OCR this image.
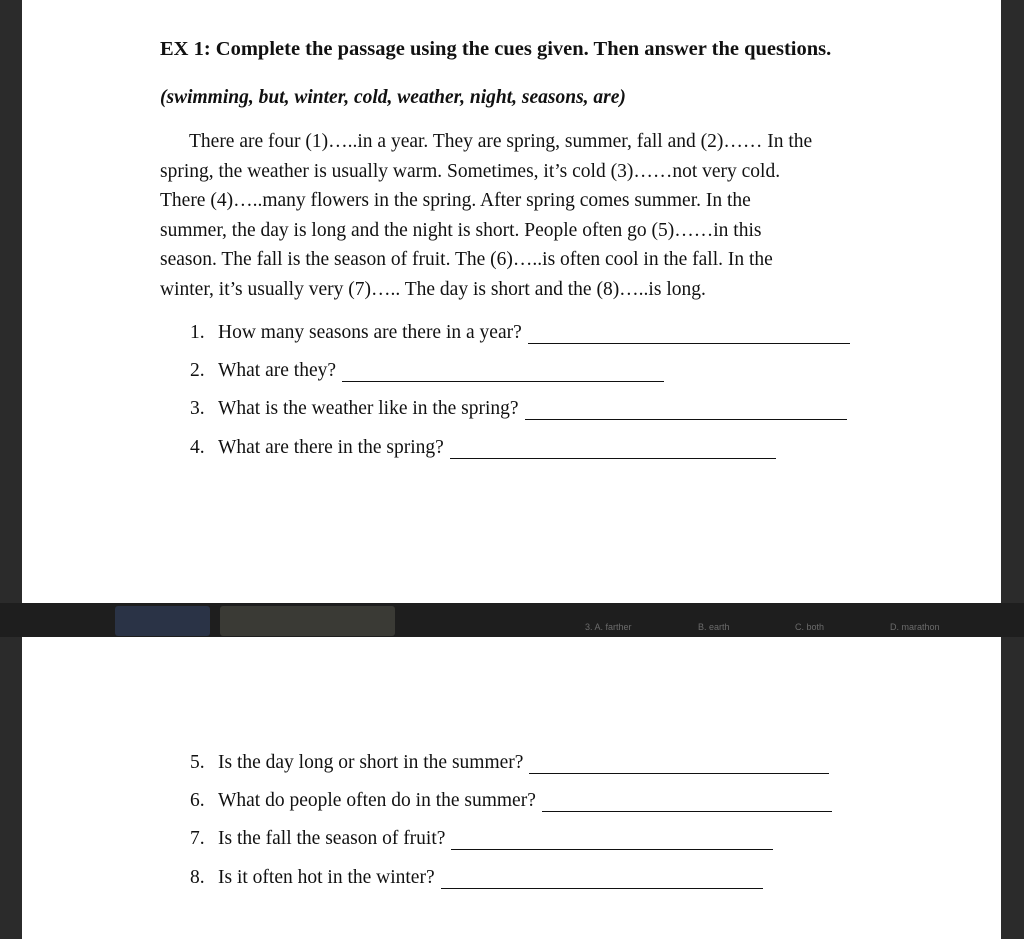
EX 1: Complete the passage using the cues given. Then answer the questions.

(swimming, but, winter, cold, weather, night, seasons, are)

There are four (1)…..in a year. They are spring, summer, fall and (2)…… In the
spring, the weather is usually warm. Sometimes, it’s cold (3)……not very cold.
There (4)…..many flowers in the spring. After spring comes summer. In the
summer, the day is long and the night is short. People often go (5)……in this
season. The fall is the season of fruit. The (6)…..is often cool in the fall. In the
winter, it’s usually very (7)….. The day is short and the (8)…..is long.
1. How many seasons are there in a year?
2. What are they?
3. What is the weather like in the spring?
4. What are there in the spring?
3. A. farther	B. earth	C. both	D. marathon
5. Is the day long or short in the summer?
6. What do people often do in the summer?
7. Is the fall the season of fruit?
8. Is it often hot in the winter?
